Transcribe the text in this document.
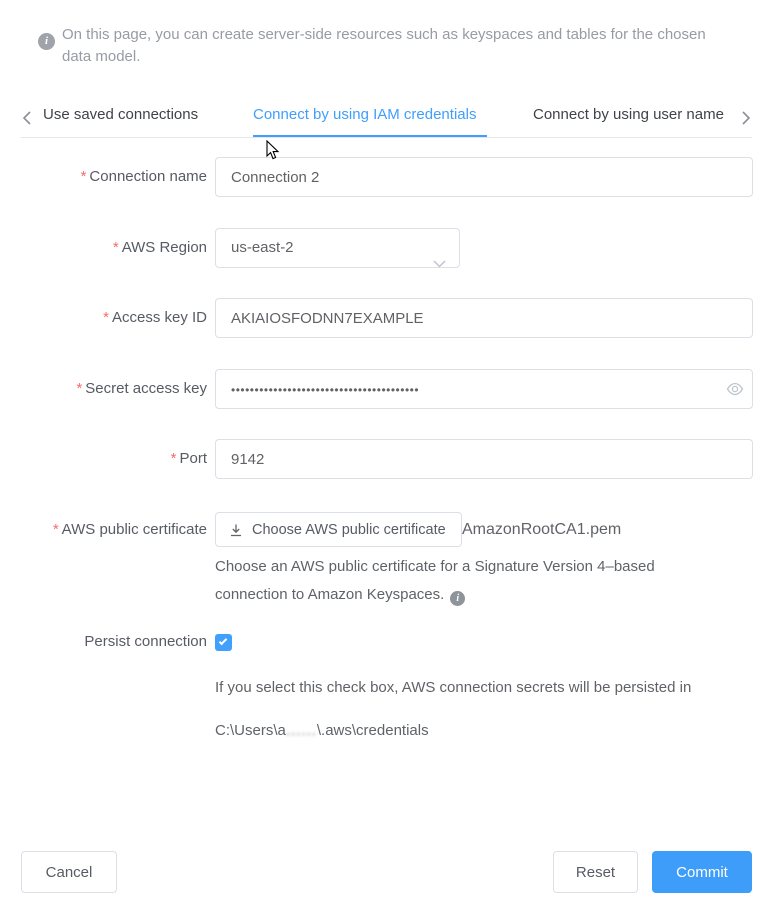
i On this page, you can create server-side resources such as keyspaces and tables for the chosen data model.
Use saved connections	Connect by using IAM credentials	Connect by using user name
* Connection name
Connection 2
* AWS Region	us-east-2
* Access key ID
AKIAIOSFODNN7EXAMPLE
* Secret access key
••••••••••••••••••••••••••••••••••••••••
* Port
9142
* AWS public certificate	Choose AWS public certificate AmazonRootCA1.pem
Choose an AWS public certificate for a Signature Version 4–based connection to Amazon Keyspaces. i
Persist connection
If you select this check box, AWS connection secrets will be persisted in
C:\Users\a......\.aws\credentials
Cancel	Reset	Commit
